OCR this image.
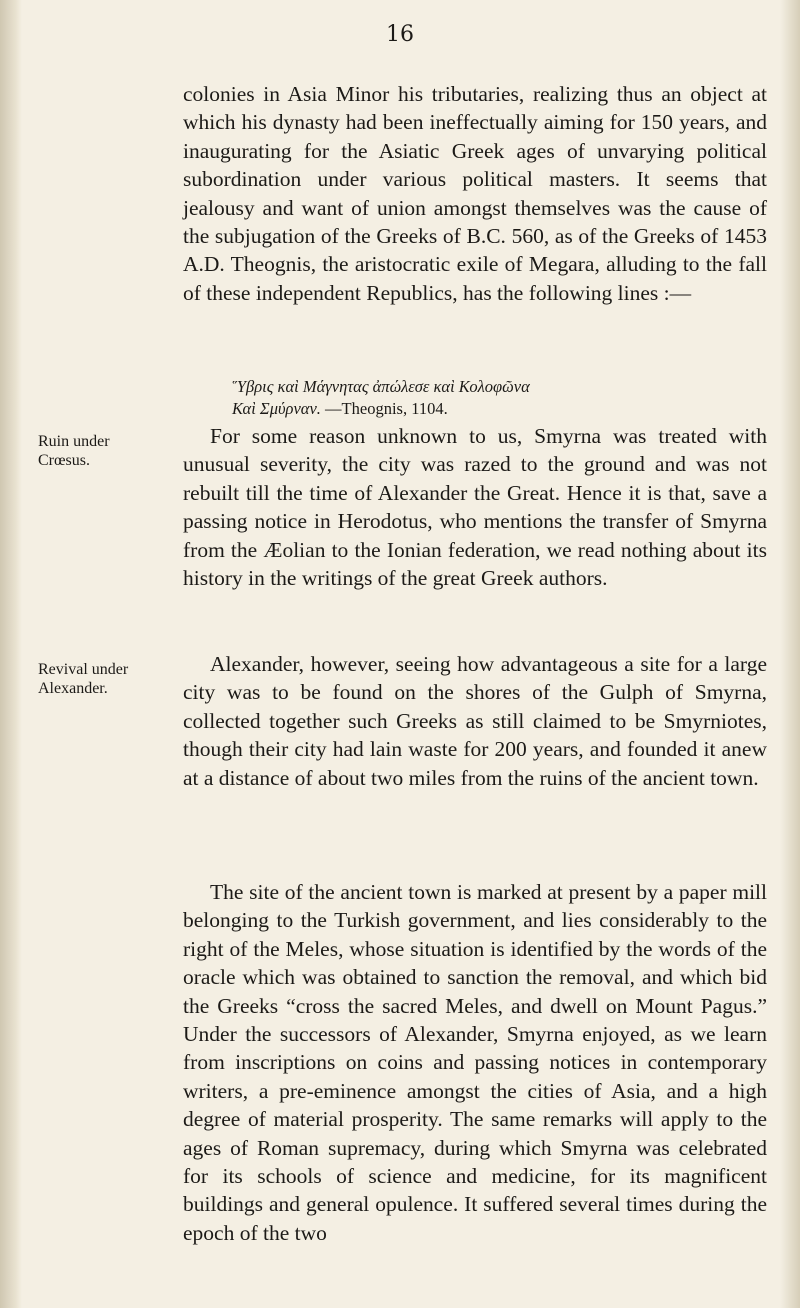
16

colonies in Asia Minor his tributaries, realizing thus an object at which his dynasty had been ineffectually aiming for 150 years, and inaugurating for the Asiatic Greek ages of unvarying political subordination under various political masters. It seems that jealousy and want of union amongst themselves was the cause of the subjugation of the Greeks of B.C. 560, as of the Greeks of 1453 A.D. Theognis, the aristocratic exile of Megara, alluding to the fall of these independent Republics, has the following lines :—

Ὕβρις καὶ Μάγνητας ἀπώλεσε καὶ Κολοφῶνα
Καὶ Σμύρναν. —Theognis, 1104.
Ruin under Crœsus.

For some reason unknown to us, Smyrna was treated with unusual severity, the city was razed to the ground and was not rebuilt till the time of Alexander the Great. Hence it is that, save a passing notice in Herodotus, who mentions the transfer of Smyrna from the Æolian to the Ionian federation, we read nothing about its history in the writings of the great Greek authors.

Revival under Alexander.

Alexander, however, seeing how advantageous a site for a large city was to be found on the shores of the Gulph of Smyrna, collected together such Greeks as still claimed to be Smyrniotes, though their city had lain waste for 200 years, and founded it anew at a distance of about two miles from the ruins of the ancient town.

The site of the ancient town is marked at present by a paper mill belonging to the Turkish government, and lies considerably to the right of the Meles, whose situation is identified by the words of the oracle which was obtained to sanction the removal, and which bid the Greeks “cross the sacred Meles, and dwell on Mount Pagus.” Under the successors of Alexander, Smyrna enjoyed, as we learn from inscriptions on coins and passing notices in contemporary writers, a pre-eminence amongst the cities of Asia, and a high degree of material prosperity. The same remarks will apply to the ages of Roman supremacy, during which Smyrna was celebrated for its schools of science and medicine, for its magnificent buildings and general opulence. It suffered several times during the epoch of the two
